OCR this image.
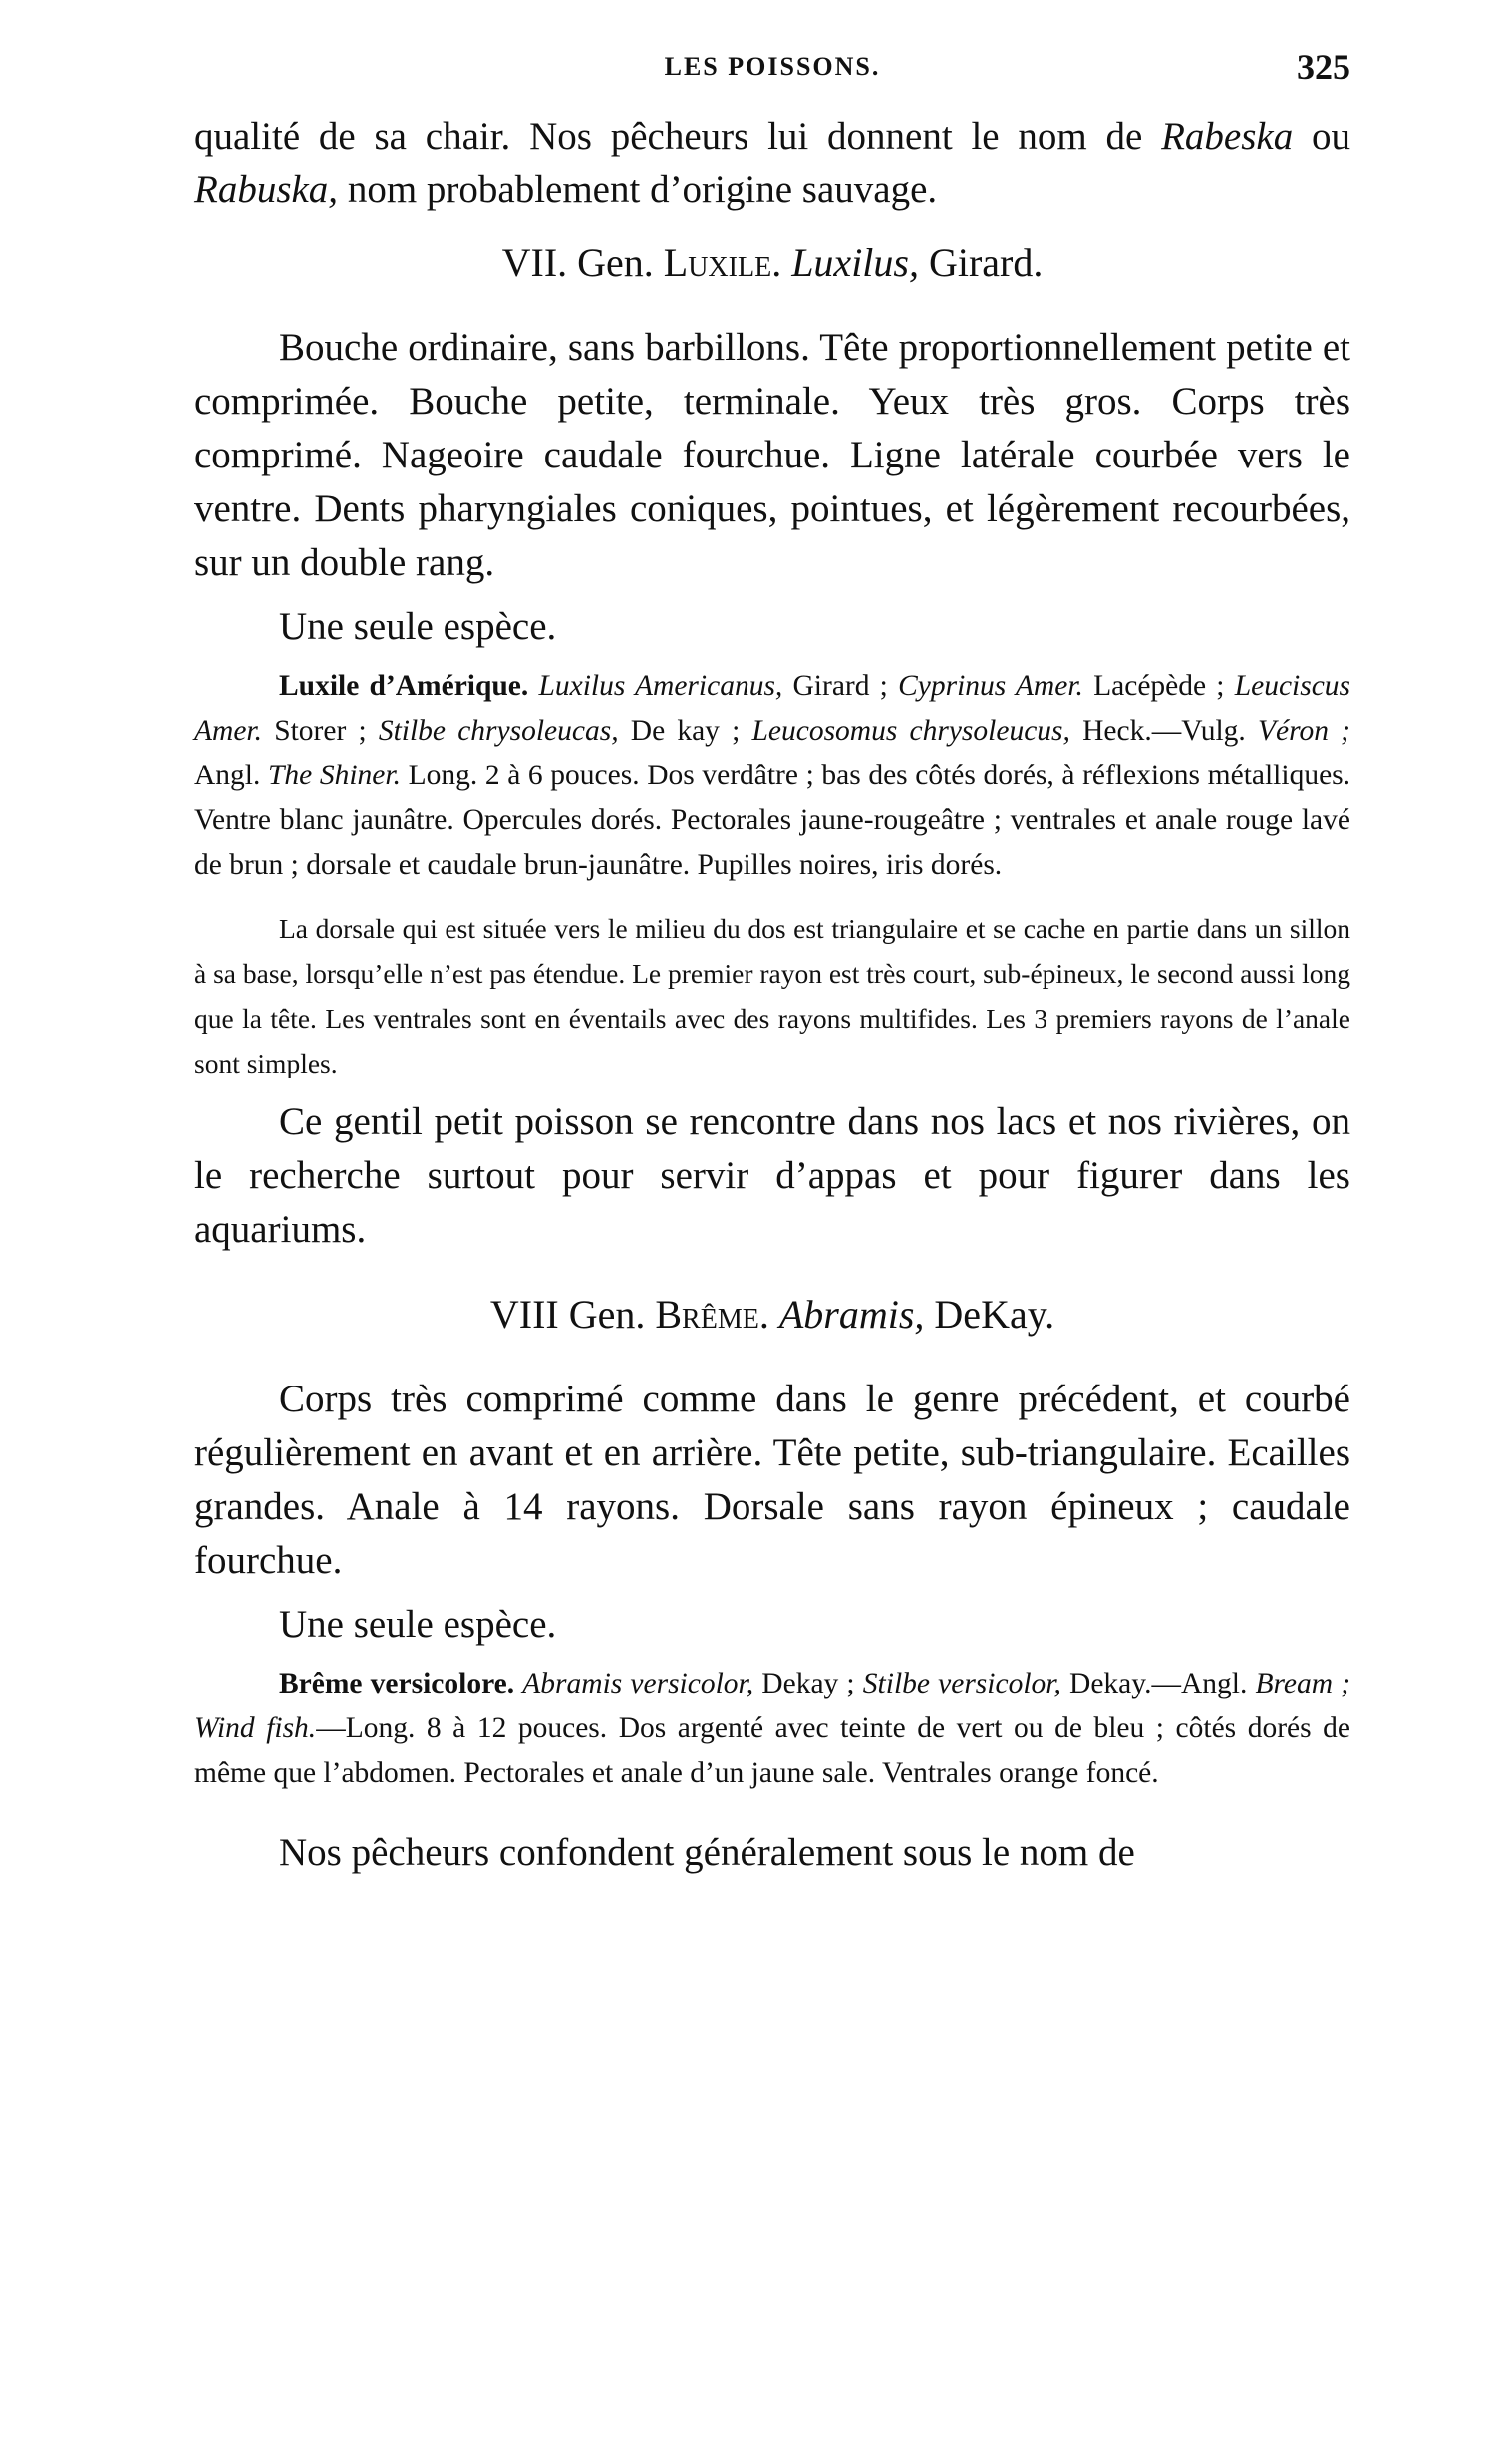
LES POISSONS.	325

qualité de sa chair. Nos pêcheurs lui donnent le nom de Rabeska ou Rabuska, nom probablement d’origine sauvage.

VII. Gen. Luxile. Luxilus, Girard.

Bouche ordinaire, sans barbillons. Tête proportionnellement petite et comprimée. Bouche petite, terminale. Yeux très gros. Corps très comprimé. Nageoire caudale fourchue. Ligne latérale courbée vers le ventre. Dents pharyngiales coniques, pointues, et légèrement recourbées, sur un double rang.

Une seule espèce.

Luxile d’Amérique. Luxilus Americanus, Girard ; Cyprinus Amer. Lacépède ; Leuciscus Amer. Storer ; Stilbe chrysoleucas, De kay ; Leucosomus chrysoleucus, Heck.—Vulg. Véron ; Angl. The Shiner. Long. 2 à 6 pouces. Dos verdâtre ; bas des côtés dorés, à réflexions métalliques. Ventre blanc jaunâtre. Opercules dorés. Pectorales jaune-rougeâtre ; ventrales et anale rouge lavé de brun ; dorsale et caudale brun-jaunâtre. Pupilles noires, iris dorés.

La dorsale qui est située vers le milieu du dos est triangulaire et se cache en partie dans un sillon à sa base, lorsqu’elle n’est pas étendue. Le premier rayon est très court, sub-épineux, le second aussi long que la tête. Les ventrales sont en éventails avec des rayons multifides. Les 3 premiers rayons de l’anale sont simples.

Ce gentil petit poisson se rencontre dans nos lacs et nos rivières, on le recherche surtout pour servir d’appas et pour figurer dans les aquariums.

VIII Gen. Brême. Abramis, DeKay.

Corps très comprimé comme dans le genre précédent, et courbé régulièrement en avant et en arrière. Tête petite, sub-triangulaire. Ecailles grandes. Anale à 14 rayons. Dorsale sans rayon épineux ; caudale fourchue.

Une seule espèce.

Brême versicolore. Abramis versicolor, Dekay ; Stilbe versicolor, Dekay.—Angl. Bream ; Wind fish.—Long. 8 à 12 pouces. Dos argenté avec teinte de vert ou de bleu ; côtés dorés de même que l’abdomen. Pectorales et anale d’un jaune sale. Ventrales orange foncé.

Nos pêcheurs confondent généralement sous le nom de
